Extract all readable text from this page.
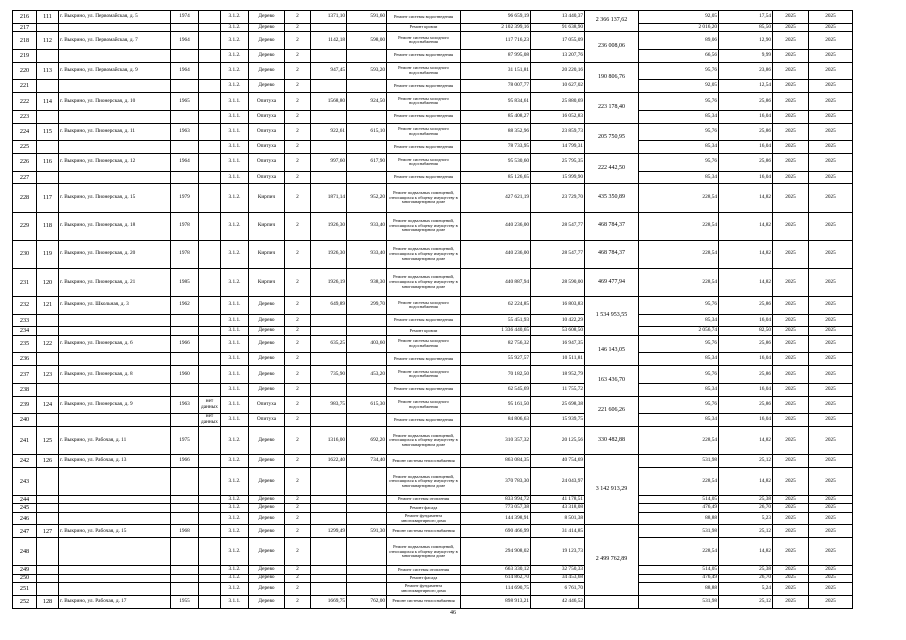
216	111	г. Выкрино, ул. Первомайская, д. 5	1974		3.1.2.	Дерево	2	1371,10	591,60	Ремонт системы водоотведения	96 659,19	13 440,37	2 366 137,62	92,05	17,54	2025	2025
217					3.1.2.	Дерево	2			Ремонт кровли	2 102 399,16	91 638,90		2 016,20	85,50	2025	2025
218	112	г. Выкрино, ул. Первомайская, д. 7	1964		3.1.2.	Дерево	2	1142,18	598,00	Ремонт системы холодного водоснабжения	117 716,23	17 055,09	236 008,06	89,06	12,90	2025	2025
219					3.1.2.	Дерево	2			Ремонт системы водоотведения	87 995,08	13 207,76		66,56	9,99	2025	2025
220	113	г. Выкрино, ул. Первомайская, д. 9	1964		3.1.2.	Дерево	2	947,45	593,20	Ремонт системы холодного водоснабжения	31 151,81	20 220,16	190 806,76	95,76	23,86	2025	2025
221					3.1.2.	Дерево	2			Ремонт системы водоотведения	78 007,77	10 627,02		92,05	12,54	2025	2025
222	114	г. Выкрино, ул. Пионерская, д. 10	1965		3.1.1.	Опитуха	2	1568,80	924,50	Ремонт системы холодного водоснабжения	95 834,61	25 880,69	223 178,40	95,76	25,86	2025	2025
223					3.1.1.	Опитуха	2			Ремонт системы водоотведения	85 408,27	16 052,83		85,34	16,04	2025	2025
224	115	г. Выкрино, ул. Пионерская, д. 11	1963		3.1.1.	Опитуха	2	922,61	615,10	Ремонт системы холодного водоснабжения	88 352,96	23 859,73	205 750,95	95,76	25,86	2025	2025
225					3.1.1.	Опитуха	2			Ремонт системы водоотведения	78 733,95	14 799,31		85,34	16,04	2025	2025
226	116	г. Выкрино, ул. Пионерская, д. 12	1964		3.1.1.	Опитуха	2	997,60	617,90	Ремонт системы холодного водоснабжения	95 530,60	25 795,35	222 442,50	95,76	25,86	2025	2025
227					3.1.1.	Опитуха	2			Ремонт системы водоотведения	85 126,65	15 999,90		85,34	16,04	2025	2025
228	117	г. Выкрино, ул. Пионерская, д. 15	1979		3.1.2.	Кирпич	2	1871,14	952,20	Ремонт подвальных помещений, относящихся к общему имуществу в многоквартирном доме	427 621,19	23 729,70	435 350,89	228,54	14,82	2025	2025
229	118	г. Выкрино, ул. Пионерская, д. 18	1978		3.1.2.	Кирпич	2	1926,30	933,40	Ремонт подвальных помещений, относящихся к общему имуществу в многоквартирном доме	440 236,00	28 547,77	468 784,37	228,54	14,82	2025	2025
230	119	г. Выкрино, ул. Пионерская, д. 20	1978		3.1.2.	Кирпич	2	1926,30	933,40	Ремонт подвальных помещений, относящихся к общему имуществу в многоквартирном доме	440 236,00	28 547,77	468 784,37	228,54	14,82	2025	2025
231	120	г. Выкрино, ул. Пионерская, д. 21	1985		3.1.2.	Кирпич	2	1926,19	938,30	Ремонт подвальных помещений, относящихся к общему имуществу в многоквартирном доме	440 887,94	28 590,00	469 477,94	228,54	14,82	2025	2025
232	121	г. Выкрино, ул. Школьная, д. 3	1962		3.1.1.	Дерево	2	649,89	299,70	Ремонт системы холодного водоснабжения	62 224,85	16 803,83	1 534 953,55	95,76	25,86	2025	2025
233					3.1.1.	Дерево	2			Ремонт системы водоотведения	55 451,93	10 422,29		85,34	16,04	2025	2025
234					3.1.1.	Дерево	2			Ремонт кровли	1 336 440,65	53 608,50		2 056,74	82,50	2025	2025
235	122	г. Выкрино, ул. Пионерская, д. 6	1966		3.1.1.	Дерево	2	635,25	403,60	Ремонт системы холодного водоснабжения	82 756,32	16 947,35	146 143,05	95,76	25,86	2025	2025
236					3.1.1.	Дерево	2			Ремонт системы водоотведения	55 927,57	10 511,81		85,34	16,04	2025	2025
237	123	г. Выкрино, ул. Пионерская, д. 8	1960		3.1.1.	Дерево	2	735,90	453,20	Ремонт системы холодного водоснабжения	70 182,50	18 952,79	163 436,70	95,76	25,86	2025	2025
238					3.1.1.	Дерево	2			Ремонт системы водоотведения	62 545,69	11 755,72		85,34	16,04	2025	2025
239	124	г. Выкрино, ул. Пионерская, д. 9	1963	нет данных	3.1.1.	Опитуха	2	983,75	615,30	Ремонт системы холодного водоснабжения	95 161,50	25 698,38	221 606,26	95,76	25,86	2025	2025
240				нет данных	3.1.1.	Опитуха	2			Ремонт системы водоотведения	84 806,63	15 939,75		85,34	16,04	2025	2025
241	125	г. Выкрино, ул. Рабочая, д. 11	1975		3.1.2.	Дерево	2	1316,00	692,20	Ремонт подвальных помещений, относящихся к общему имуществу в многоквартирном доме	310 357,32	20 125,56	330 482,88	228,54	14,82	2025	2025
242	126	г. Выкрино, ул. Рабочая, д. 13	1966		3.1.2.	Дерево	2	1622,40	734,40	Ремонт системы теплоснабжения	863 084,35	40 754,69	3 142 913,29	531,98	25,12	2025	2025
243					3.1.2.	Дерево	2			Ремонт подвальных помещений, относящихся к общему имуществу в многоквартирном доме	370 783,30	24 043,97		228,54	14,82	2025	2025
244					3.1.2.	Дерево	2			Ремонт системы отопления	833 994,72	41 178,51		514,05	25,38	2025	2025
245					3.1.2.	Дерево	2			Ремонт фасада	773 057,38	43 318,08		476,49	26,70	2025	2025
246					3.1.2.	Дерево	2			Ремонт фундамента многоквартирного дома	144 398,91	8 501,38		88,88	5,23	2025	2025
247	127	г. Выкрино, ул. Рабочая, д. 15	1968		3.1.2.	Дерево	2	1299,49	591,30	Ремонт системы теплоснабжения	690 466,99	31 414,85	2 499 762,89	531,98	25,12	2025	2025
248					3.1.2.	Дерево	2			Ремонт подвальных помещений, относящихся к общему имуществу в многоквартирном доме	294 908,02	19 123,73		228,54	14,82	2025	2025
249					3.1.2.	Дерево	2			Ремонт системы отопления	663 330,12	32 750,33		514,05	25,38	2025	2025
250					3.1.2.	Дерево	2			Ремонт фасада	614 862,70	34 453,68		476,49	26,70	2025	2025
251					3.1.2.	Дерево	2			Ремонт фундамента многоквартирного дома	114 690,75	6 761,70		88,88	5,24	2025	2025
252	128	г. Выкрино, ул. Рабочая, д. 17	1955		3.1.1.	Дерево	2	1669,75	762,00	Ремонт системы теплоснабжения	898 913,21	42 446,52		531,98	25,12	2025	2025
46
